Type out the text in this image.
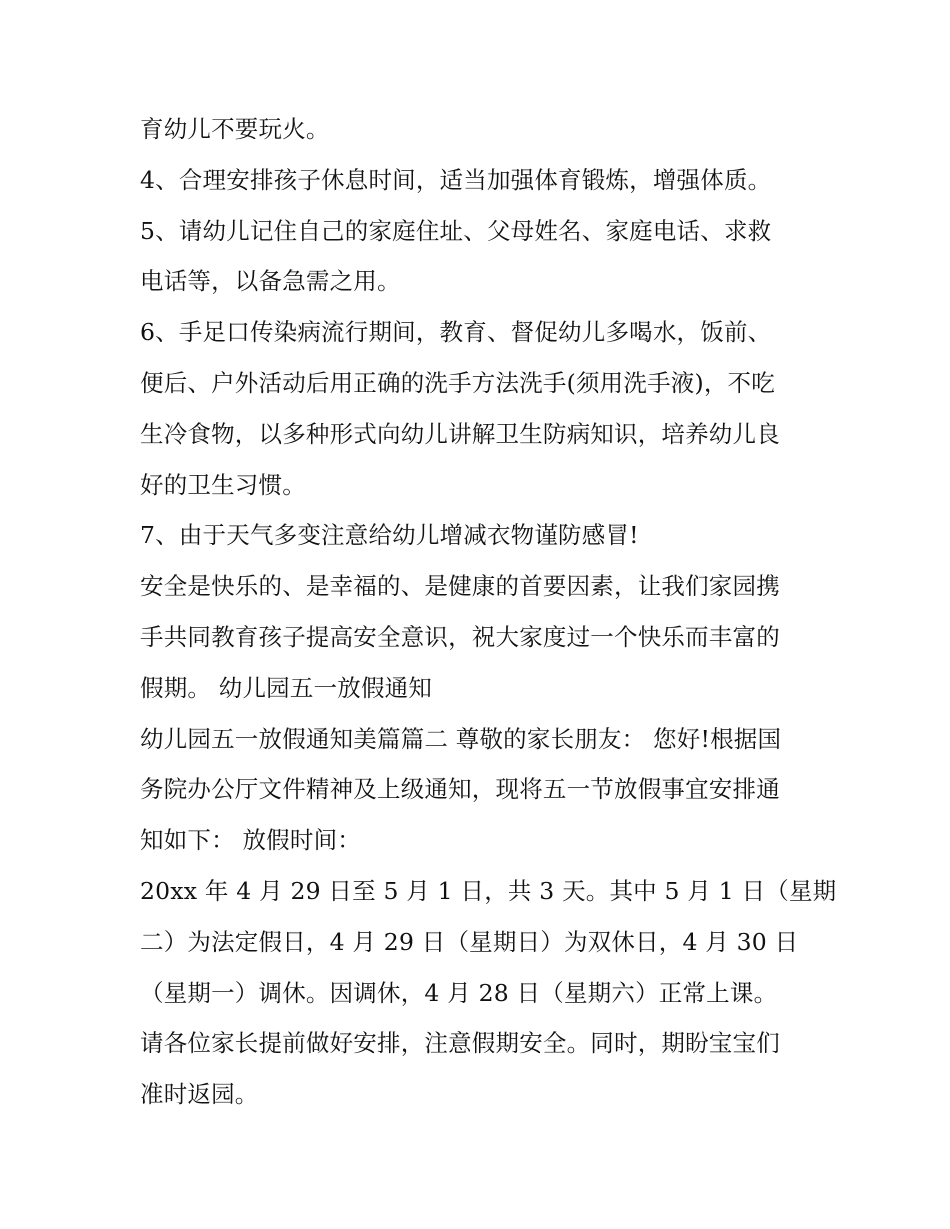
育幼儿不要玩火。
4、合理安排孩子休息时间，适当加强体育锻炼，增强体质。
5、请幼儿记住自己的家庭住址、父母姓名、家庭电话、求救
电话等，以备急需之用。
6、手足口传染病流行期间，教育、督促幼儿多喝水，饭前、
便后、户外活动后用正确的洗手方法洗手(须用洗手液)，不吃
生冷食物，以多种形式向幼儿讲解卫生防病知识，培养幼儿良
好的卫生习惯。
7、由于天气多变注意给幼儿增减衣物谨防感冒!
安全是快乐的、是幸福的、是健康的首要因素，让我们家园携
手共同教育孩子提高安全意识，祝大家度过一个快乐而丰富的
假期。 幼儿园五一放假通知
幼儿园五一放假通知美篇篇二 尊敬的家长朋友： 您好!根据国
务院办公厅文件精神及上级通知，现将五一节放假事宜安排通
知如下： 放假时间：
20xx 年 4 月 29 日至 5 月 1 日，共 3 天。其中 5 月 1 日（星期
二）为法定假日，4 月 29 日（星期日）为双休日，4 月 30 日
（星期一）调休。因调休，4 月 28 日（星期六）正常上课。
请各位家长提前做好安排，注意假期安全。同时，期盼宝宝们
准时返园。
